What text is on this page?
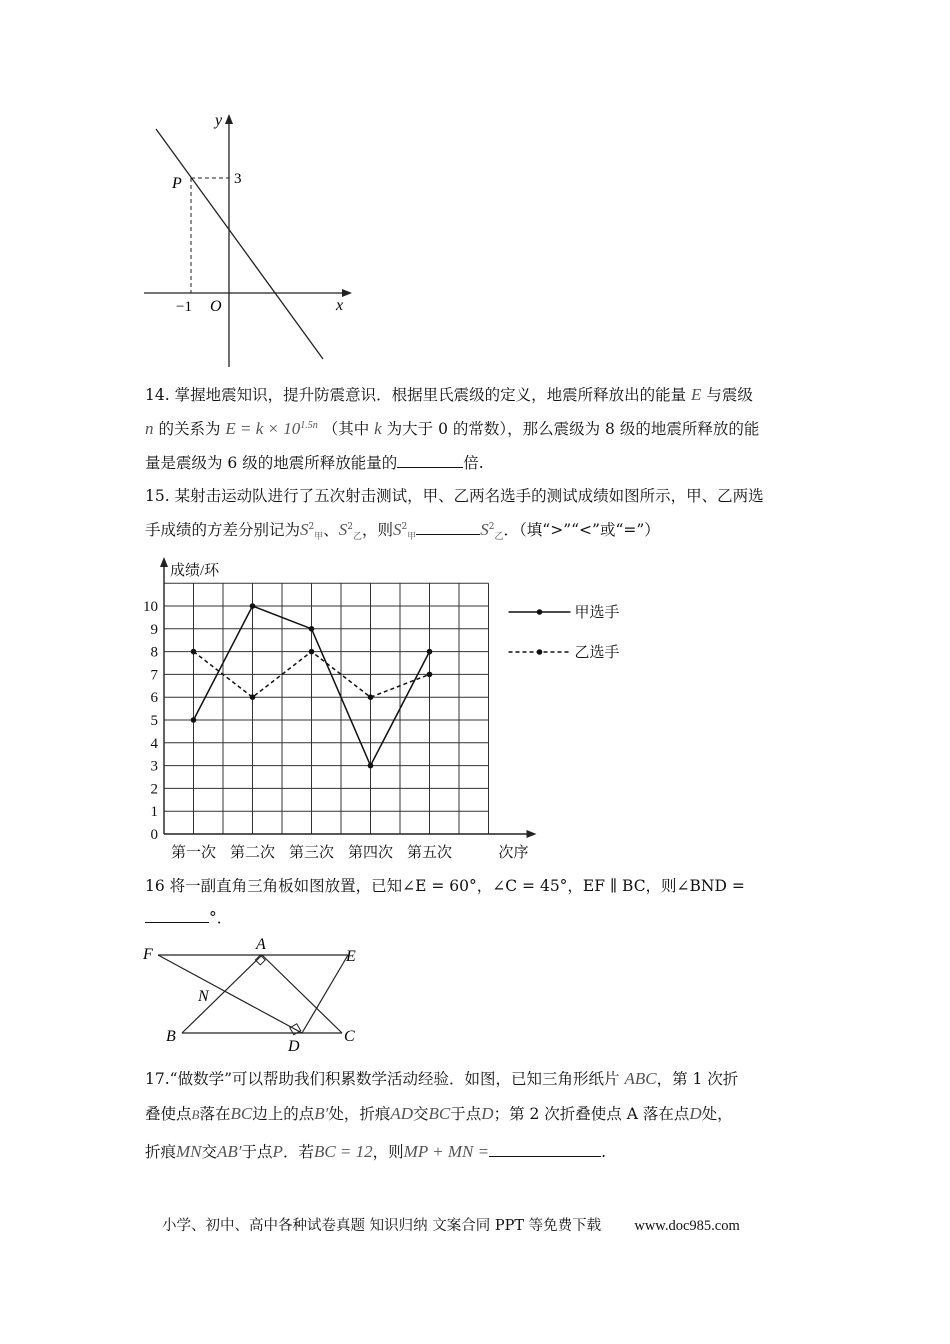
y
x
O
P	3
−1
14. 掌握地震知识，提升防震意识．根据里氏震级的定义，地震所释放出的能量 E 与震级
n 的关系为 $E = k \times 10^{1.5n}$ （其中 k 为大于 0 的常数），那么震级为 8 级的地震所释放的能
量是震级为 6 级的地震所释放能量的	倍.
15. 某射击运动队进行了五次射击测试，甲、乙两名选手的测试成绩如图所示，甲、乙两选
手成绩的方差分别记为$S^2_甲$、$S^2_乙$，则$S^2_甲$	$S^2_乙$．（填“>”“<”或“=”）
0
1
2
3
4
5
6
7
8
9
10
成绩/环
第一次 第二次 第三次 第四次 第五次	次序
甲选手
乙选手
16 将一副直角三角板如图放置，已知∠E = 60°，∠C = 45°，EF ∥ BC，则∠BND =
°．
F
A
E
N
B
D
C
17.“做数学”可以帮助我们积累数学活动经验．如图，已知三角形纸片 ABC，第 1 次折
叠使点B落在BC边上的点B′处，折痕AD交BC于点D；第 2 次折叠使点 A 落在点D处，
折痕MN交AB′于点P．若BC = 12，则MP + MN =	.
小学、初中、高中各种试卷真题 知识归纳 文案合同 PPT 等免费下载 www.doc985.com
